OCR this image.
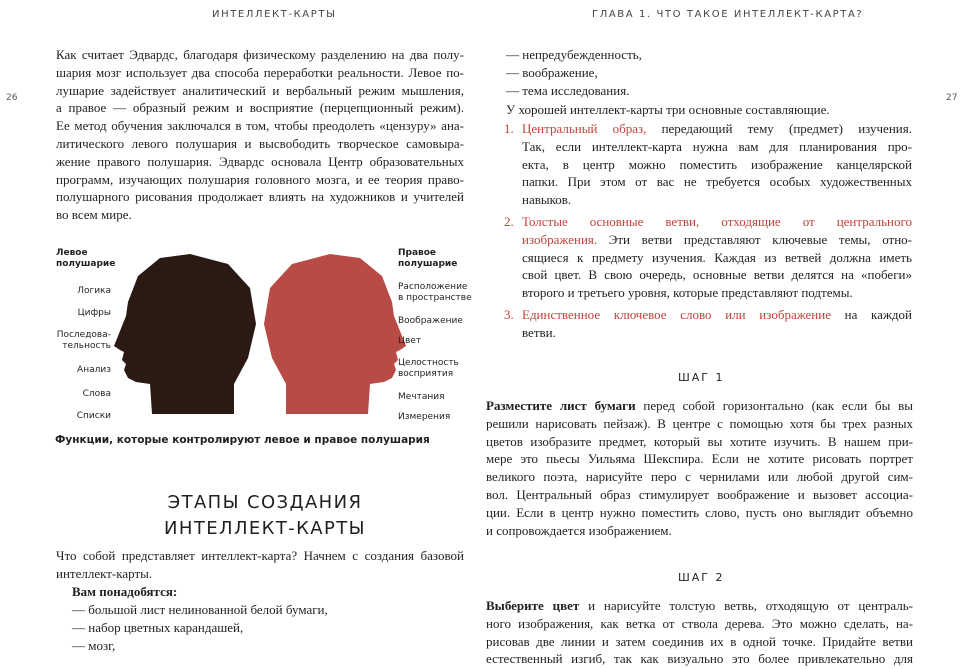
ИНТЕЛЛЕКТ-КАРТЫ
26
Как считает Эдвардс, благодаря физическому разделению на два полу-
шария мозг использует два способа переработки реальности. Левое по-
лушарие задействует аналитический и вербальный режим мышления,
а правое — образный режим и восприятие (перцепционный режим).
Ее метод обучения заключался в том, чтобы преодолеть «цензуру» ана-
литического левого полушария и высвободить творческое самовыра-
жение правого полушария. Эдвардс основала Центр образовательных
программ, изучающих полушария головного мозга, и ее теория право-
полушарного рисования продолжает влиять на художников и учителей
во всем мире.
Левое
полушарие
Логика
Цифры
Последова-
тельность
Анализ
Слова
Списки
Правое
полушарие
Расположение
в пространстве
Воображение
Цвет
Целостность
восприятия
Мечтания
Измерения
Функции, которые контролируют левое и правое полушария
ЭТАПЫ СОЗДАНИЯ
ИНТЕЛЛЕКТ-КАРТЫ
Что собой представляет интеллект-карта? Начнем с создания базовой
интеллект-карты.
Вам понадобятся:
— большой лист нелинованной белой бумаги,
— набор цветных карандашей,
— мозг,
ГЛАВА 1. ЧТО ТАКОЕ ИНТЕЛЛЕКТ-КАРТА?
27
— непредубежденность,
— воображение,
— тема исследования.
У хорошей интеллект-карты три основные составляющие.
1. Центральный образ, передающий тему (предмет) изучения.
Так, если интеллект-карта нужна вам для планирования про-
екта, в центр можно поместить изображение канцелярской
папки. При этом от вас не требуется особых художественных
навыков.
2. Толстые основные ветви, отходящие от центрального
изображения. Эти ветви представляют ключевые темы, отно-
сящиеся к предмету изучения. Каждая из ветвей должна иметь
свой цвет. В свою очередь, основные ветви делятся на «побеги»
второго и третьего уровня, которые представляют подтемы.
3. Единственное ключевое слово или изображение на каждой
ветви.
ШАГ 1
Разместите лист бумаги перед собой горизонтально (как если бы вы
решили нарисовать пейзаж). В центре с помощью хотя бы трех разных
цветов изобразите предмет, который вы хотите изучить. В нашем при-
мере это пьесы Уильяма Шекспира. Если не хотите рисовать портрет
великого поэта, нарисуйте перо с чернилами или любой другой сим-
вол. Центральный образ стимулирует воображение и вызовет ассоциа-
ции. Если в центр нужно поместить слово, пусть оно выглядит объемно
и сопровождается изображением.
ШАГ 2
Выберите цвет и нарисуйте толстую ветвь, отходящую от централь-
ного изображения, как ветка от ствола дерева. Это можно сделать, на-
рисовав две линии и затем соединив их в одной точке. Придайте ветви
естественный изгиб, так как визуально это более привлекательно для
